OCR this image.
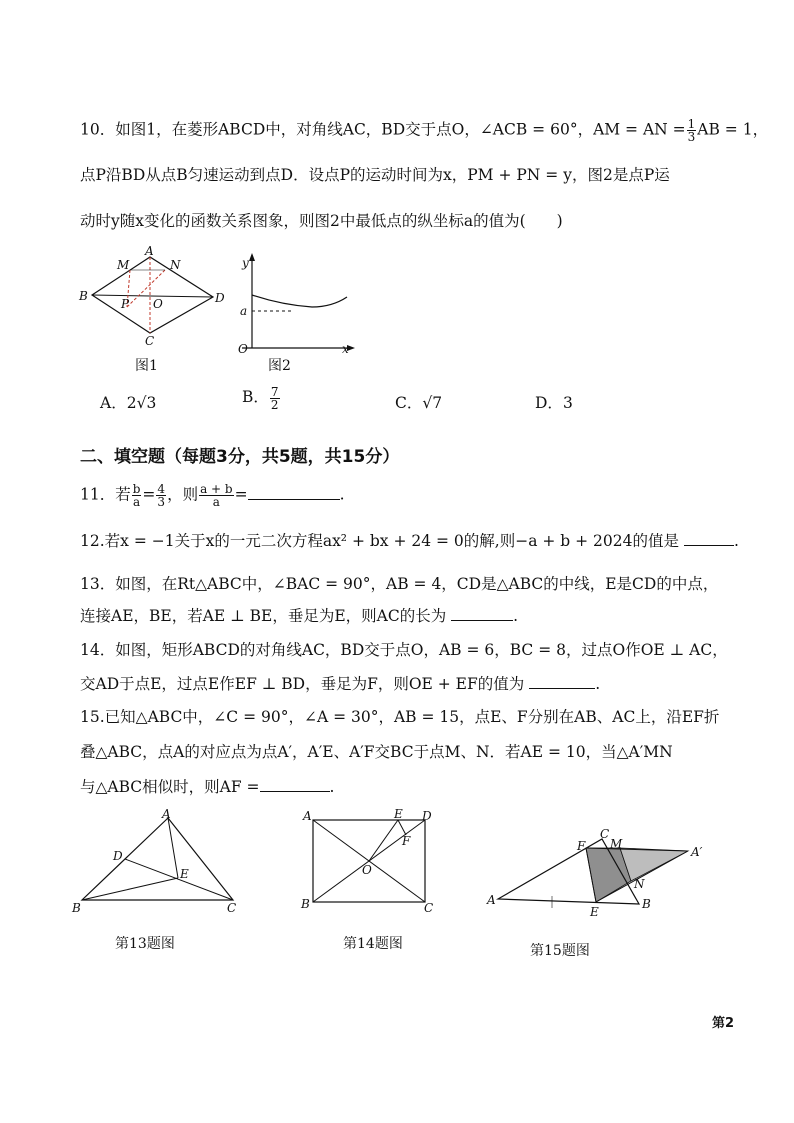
10．如图1，在菱形ABCD中，对角线AC，BD交于点O，∠ACB = 60°，AM = AN = $\frac{1}{3}$ AB = 1，
点P沿BD从点B匀速运动到点D．设点P的运动时间为x，PM + PN = y，图2是点P运
动时y随x变化的函数关系图象，则图2中最低点的纵坐标a的值为(　　)
A
B
C
D
M	N
O
P
图1
y
x
O
a
图2
A．2√3	B． $\frac{7}{2}$	C．√7	D．3
二、填空题（每题3分，共5题，共15分）
11．若 $\frac{b}{a} = \frac{4}{3}$ ，则 $\frac{a + b}{a}$ =	.
12.若x = −1关于x的一元二次方程ax² + bx + 24 = 0的解,则−a + b + 2024的值是	.
13．如图，在Rt△ABC中，∠BAC = 90°，AB = 4，CD是△ABC的中线，E是CD的中点，
连接AE，BE，若AE ⊥ BE，垂足为E，则AC的长为	.
14．如图，矩形ABCD的对角线AC，BD交于点O，AB = 6，BC = 8，过点O作OE ⊥ AC，
交AD于点E，过点E作EF ⊥ BD，垂足为F，则OE + EF的值为	.
15.已知△ABC中，∠C = 90°，∠A = 30°，AB = 15，点E、F分别在AB、AC上，沿EF折
叠△ABC，点A的对应点为点A′，A′E、A′F交BC于点M、N．若AE = 10，当△A′MN
与△ABC相似时，则AF =	.
A
B	C
D
E
第13题图
A
B	C
D
E
F
O
第14题图
A	B
C
F M
N
E
A′
第15题图
第2
